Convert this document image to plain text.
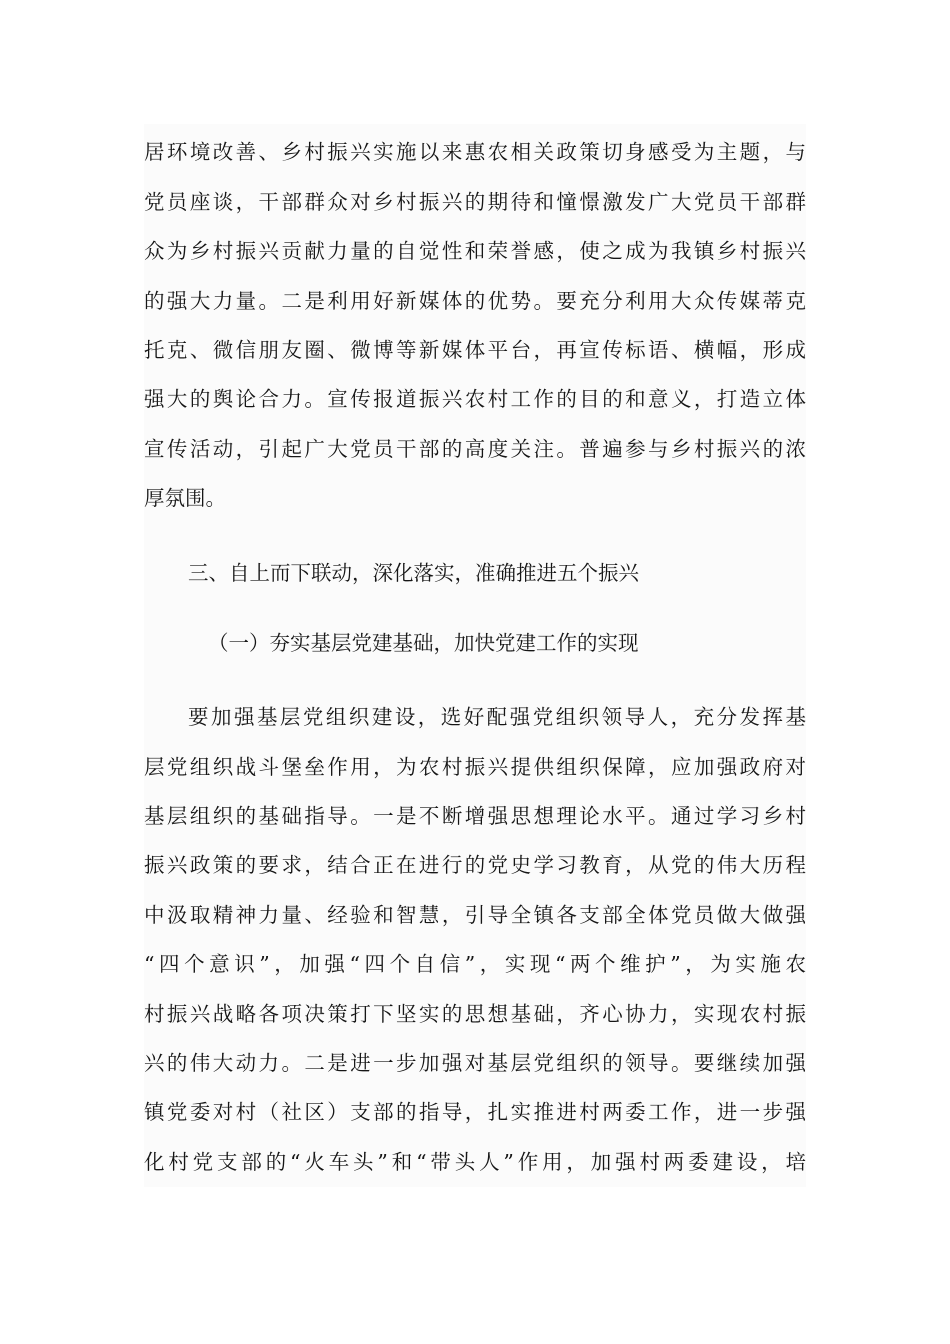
居环境改善、乡村振兴实施以来惠农相关政策切身感受为主题，与
党员座谈，干部群众对乡村振兴的期待和憧憬激发广大党员干部群
众为乡村振兴贡献力量的自觉性和荣誉感，使之成为我镇乡村振兴
的强大力量。二是利用好新媒体的优势。要充分利用大众传媒蒂克
托克、微信朋友圈、微博等新媒体平台，再宣传标语、横幅，形成
强大的舆论合力。宣传报道振兴农村工作的目的和意义，打造立体
宣传活动，引起广大党员干部的高度关注。普遍参与乡村振兴的浓
厚氛围。
三、自上而下联动，深化落实，准确推进五个振兴
（一）夯实基层党建基础，加快党建工作的实现
要加强基层党组织建设，选好配强党组织领导人，充分发挥基
层党组织战斗堡垒作用，为农村振兴提供组织保障，应加强政府对
基层组织的基础指导。一是不断增强思想理论水平。通过学习乡村
振兴政策的要求，结合正在进行的党史学习教育，从党的伟大历程
中汲取精神力量、经验和智慧，引导全镇各支部全体党员做大做强
“四个意识”，加强“四个自信”，实现“两个维护”，为实施农
村振兴战略各项决策打下坚实的思想基础，齐心协力，实现农村振
兴的伟大动力。二是进一步加强对基层党组织的领导。要继续加强
镇党委对村（社区）支部的指导，扎实推进村两委工作，进一步强
化村党支部的“火车头”和“带头人”作用，加强村两委建设，培
